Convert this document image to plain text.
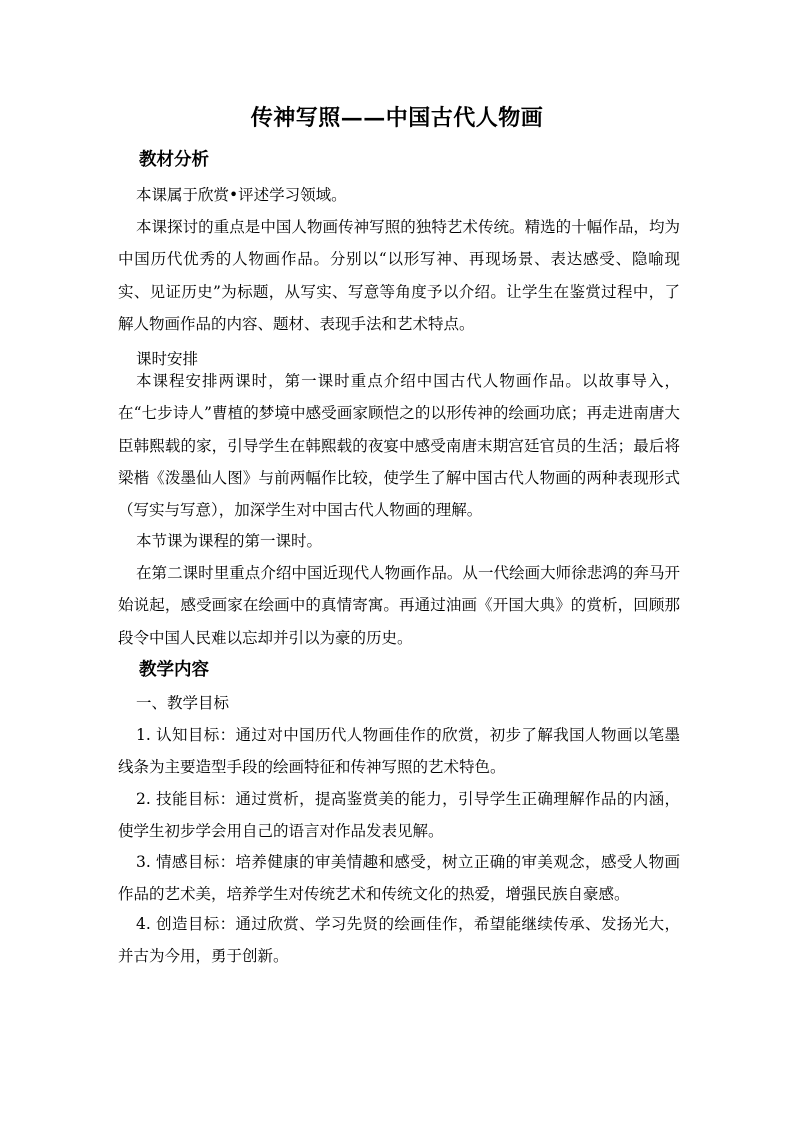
传神写照——中国古代人物画
教材分析

本课属于欣赏•评述学习领域。

本课探讨的重点是中国人物画传神写照的独特艺术传统。精选的十幅作品，均为中国历代优秀的人物画作品。分别以“以形写神、再现场景、表达感受、隐喻现实、见证历史”为标题，从写实、写意等角度予以介绍。让学生在鉴赏过程中，了解人物画作品的内容、题材、表现手法和艺术特点。

课时安排

本课程安排两课时，第一课时重点介绍中国古代人物画作品。以故事导入，在“七步诗人”曹植的梦境中感受画家顾恺之的以形传神的绘画功底；再走进南唐大臣韩熙载的家，引导学生在韩熙载的夜宴中感受南唐末期宫廷官员的生活；最后将梁楷《泼墨仙人图》与前两幅作比较，使学生了解中国古代人物画的两种表现形式（写实与写意），加深学生对中国古代人物画的理解。

本节课为课程的第一课时。

在第二课时里重点介绍中国近现代人物画作品。从一代绘画大师徐悲鸿的奔马开始说起，感受画家在绘画中的真情寄寓。再通过油画《开国大典》的赏析，回顾那段令中国人民难以忘却并引以为豪的历史。

教学内容
一、教学目标

1. 认知目标：通过对中国历代人物画佳作的欣赏，初步了解我国人物画以笔墨线条为主要造型手段的绘画特征和传神写照的艺术特色。

2. 技能目标：通过赏析，提高鉴赏美的能力，引导学生正确理解作品的内涵，使学生初步学会用自己的语言对作品发表见解。

3. 情感目标：培养健康的审美情趣和感受，树立正确的审美观念，感受人物画作品的艺术美，培养学生对传统艺术和传统文化的热爱，增强民族自豪感。

4. 创造目标：通过欣赏、学习先贤的绘画佳作，希望能继续传承、发扬光大，并古为今用，勇于创新。
